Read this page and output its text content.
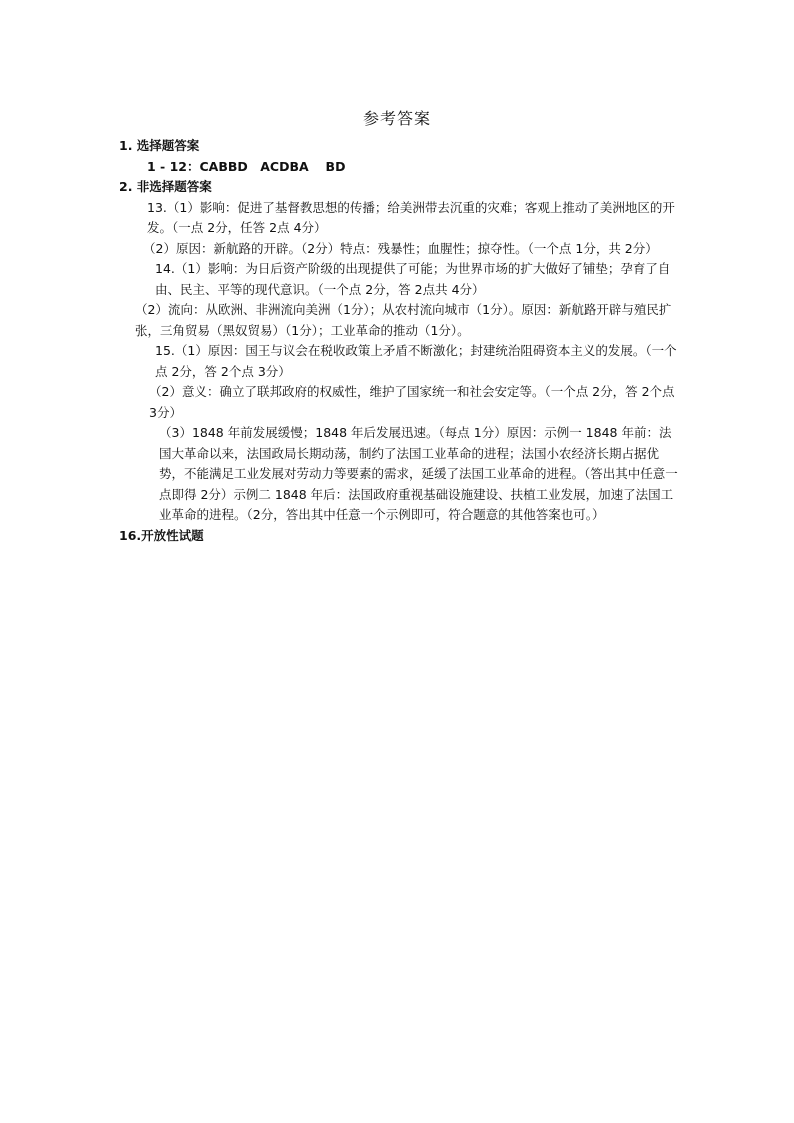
参考答案

1. 选择题答案

1 - 12：CABBD　ACDBA　 BD

2. 非选择题答案

13.（1）影响：促进了基督教思想的传播；给美洲带去沉重的灾难；客观上推动了美洲地区的开发。（一点 2分，任答 2点 4分）

（2）原因：新航路的开辟。（2分）特点：残暴性；血腥性；掠夺性。（一个点 1分，共 2分）

14.（1）影响：为日后资产阶级的出现提供了可能；为世界市场的扩大做好了铺垫；孕育了自由、民主、平等的现代意识。（一个点 2分，答 2点共 4分）

（2）流向：从欧洲、非洲流向美洲（1分）；从农村流向城市（1分）。原因：新航路开辟与殖民扩张，三角贸易（黑奴贸易）（1分）；工业革命的推动（1分）。

15.（1）原因：国王与议会在税收政策上矛盾不断激化；封建统治阻碍资本主义的发展。（一个点 2分，答 2个点 3分）

（2）意义：确立了联邦政府的权威性，维护了国家统一和社会安定等。（一个点 2分，答 2个点 3分）

（3）1848 年前发展缓慢；1848 年后发展迅速。（每点 1分）原因：示例一 1848 年前：法国大革命以来，法国政局长期动荡，制约了法国工业革命的进程；法国小农经济长期占据优势，不能满足工业发展对劳动力等要素的需求，延缓了法国工业革命的进程。（答出其中任意一点即得 2分）示例二 1848 年后：法国政府重视基础设施建设、扶植工业发展，加速了法国工业革命的进程。（2分，答出其中任意一个示例即可，符合题意的其他答案也可。）

16.开放性试题
